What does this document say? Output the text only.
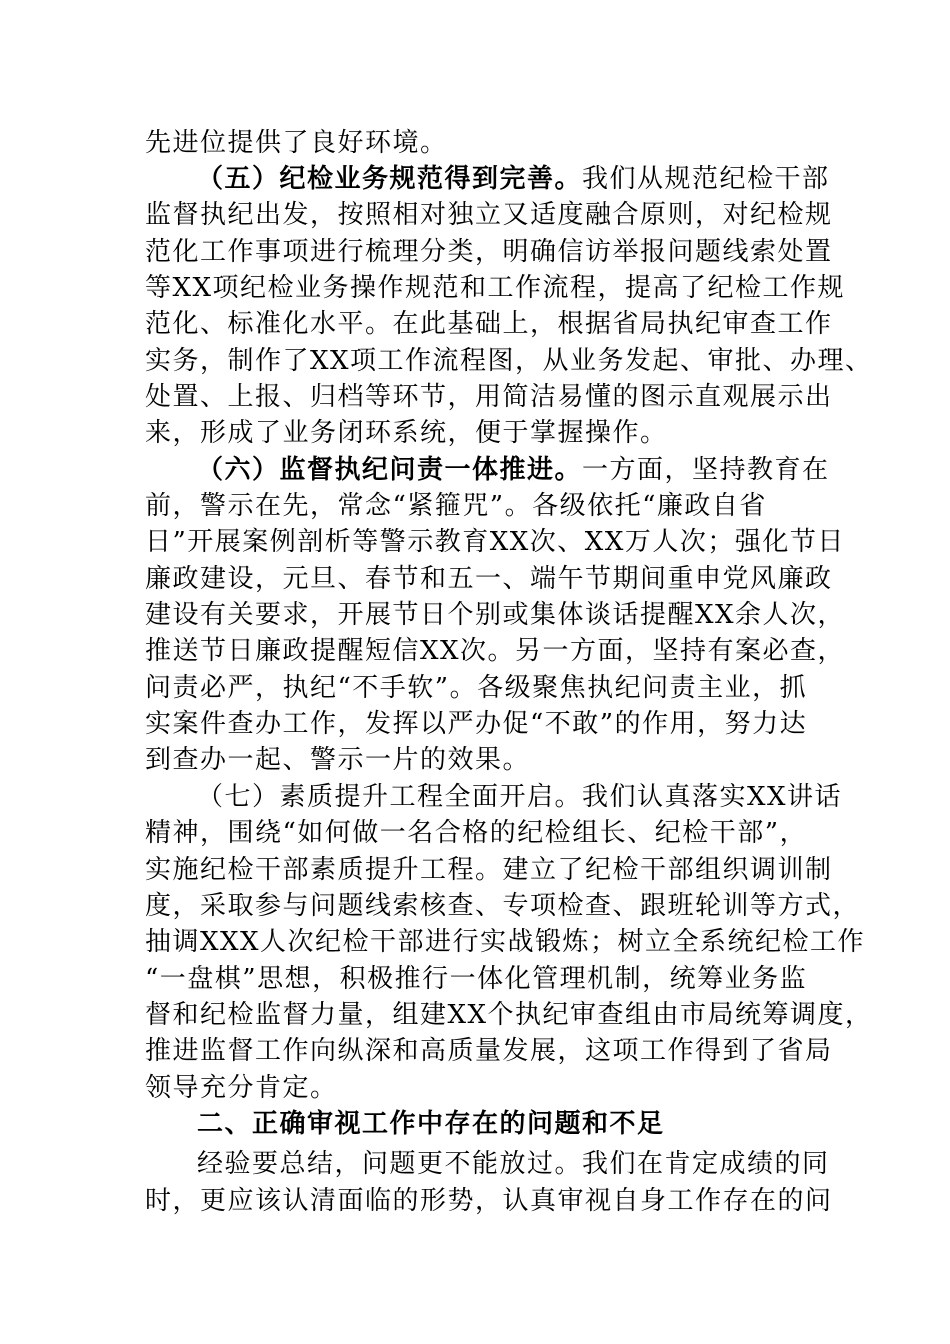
先进位提供了良好环境。
（五）纪检业务规范得到完善。我们从规范纪检干部
监督执纪出发，按照相对独立又适度融合原则，对纪检规
范化工作事项进行梳理分类，明确信访举报问题线索处置
等XX项纪检业务操作规范和工作流程，提高了纪检工作规
范化、标准化水平。在此基础上，根据省局执纪审查工作
实务，制作了XX项工作流程图，从业务发起、审批、办理、
处置、上报、归档等环节，用简洁易懂的图示直观展示出
来，形成了业务闭环系统，便于掌握操作。
（六）监督执纪问责一体推进。一方面，坚持教育在
前，警示在先，常念“紧箍咒”。各级依托“廉政自省
日”开展案例剖析等警示教育XX次、XX万人次；强化节日
廉政建设，元旦、春节和五一、端午节期间重申党风廉政
建设有关要求，开展节日个别或集体谈话提醒XX余人次，
推送节日廉政提醒短信XX次。另一方面，坚持有案必查，
问责必严，执纪“不手软”。各级聚焦执纪问责主业，抓
实案件查办工作，发挥以严办促“不敢”的作用，努力达
到查办一起、警示一片的效果。
（七）素质提升工程全面开启。我们认真落实XX讲话
精神，围绕“如何做一名合格的纪检组长、纪检干部”，
实施纪检干部素质提升工程。建立了纪检干部组织调训制
度，采取参与问题线索核查、专项检查、跟班轮训等方式，
抽调XXX人次纪检干部进行实战锻炼；树立全系统纪检工作
“一盘棋”思想，积极推行一体化管理机制，统筹业务监
督和纪检监督力量，组建XX个执纪审查组由市局统筹调度，
推进监督工作向纵深和高质量发展，这项工作得到了省局
领导充分肯定。
二、正确审视工作中存在的问题和不足
经验要总结，问题更不能放过。我们在肯定成绩的同
时，更应该认清面临的形势，认真审视自身工作存在的问
